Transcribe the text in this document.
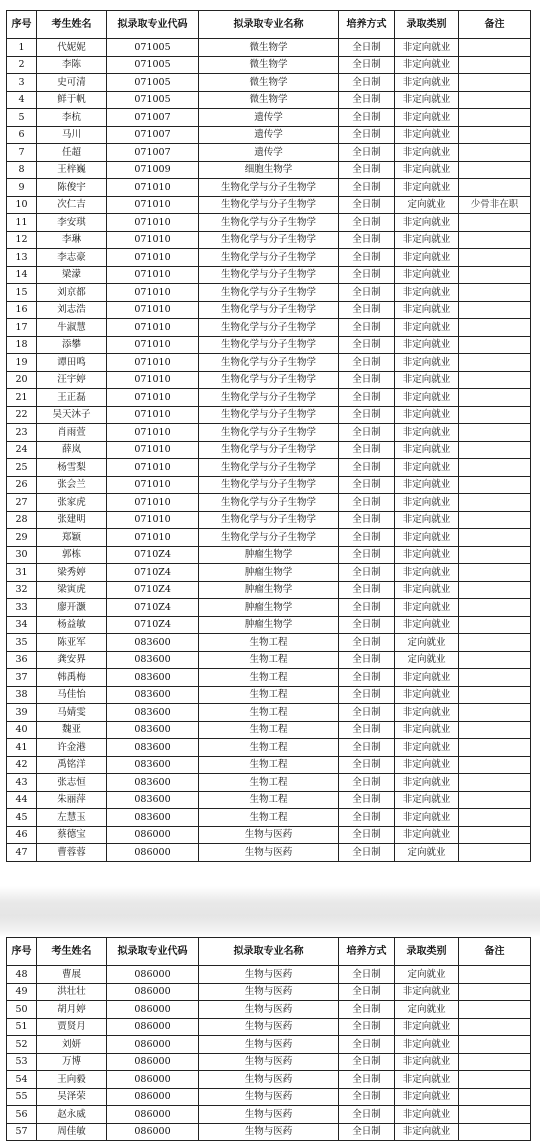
序号	考生姓名	拟录取专业代码	拟录取专业名称	培养方式	录取类别	备注
1	代妮妮	071005	微生物学	全日制	非定向就业	
2	李陈	071005	微生物学	全日制	非定向就业	
3	史可清	071005	微生物学	全日制	非定向就业	
4	鲜于帆	071005	微生物学	全日制	非定向就业	
5	李杭	071007	遗传学	全日制	非定向就业	
6	马川	071007	遗传学	全日制	非定向就业	
7	任超	071007	遗传学	全日制	非定向就业	
8	王梓巍	071009	细胞生物学	全日制	非定向就业	
9	陈俊宇	071010	生物化学与分子生物学	全日制	非定向就业	
10	次仁吉	071010	生物化学与分子生物学	全日制	定向就业	少骨非在职
11	李安琪	071010	生物化学与分子生物学	全日制	非定向就业	
12	李琳	071010	生物化学与分子生物学	全日制	非定向就业	
13	李志豪	071010	生物化学与分子生物学	全日制	非定向就业	
14	梁濛	071010	生物化学与分子生物学	全日制	非定向就业	
15	刘京都	071010	生物化学与分子生物学	全日制	非定向就业	
16	刘志浩	071010	生物化学与分子生物学	全日制	非定向就业	
17	牛淑慧	071010	生物化学与分子生物学	全日制	非定向就业	
18	添攀	071010	生物化学与分子生物学	全日制	非定向就业	
19	谭田鸣	071010	生物化学与分子生物学	全日制	非定向就业	
20	汪宇婷	071010	生物化学与分子生物学	全日制	非定向就业	
21	王正磊	071010	生物化学与分子生物学	全日制	非定向就业	
22	吴天沐子	071010	生物化学与分子生物学	全日制	非定向就业	
23	肖雨萱	071010	生物化学与分子生物学	全日制	非定向就业	
24	薛岚	071010	生物化学与分子生物学	全日制	非定向就业	
25	杨雪梨	071010	生物化学与分子生物学	全日制	非定向就业	
26	张会兰	071010	生物化学与分子生物学	全日制	非定向就业	
27	张家虎	071010	生物化学与分子生物学	全日制	非定向就业	
28	张建明	071010	生物化学与分子生物学	全日制	非定向就业	
29	郑颖	071010	生物化学与分子生物学	全日制	非定向就业	
30	郭栋	0710Z4	肿瘤生物学	全日制	非定向就业	
31	梁秀婷	0710Z4	肿瘤生物学	全日制	非定向就业	
32	梁寅虎	0710Z4	肿瘤生物学	全日制	非定向就业	
33	廖开灏	0710Z4	肿瘤生物学	全日制	非定向就业	
34	杨益敏	0710Z4	肿瘤生物学	全日制	非定向就业	
35	陈亚军	083600	生物工程	全日制	定向就业	
36	龚安界	083600	生物工程	全日制	定向就业	
37	韩禹梅	083600	生物工程	全日制	非定向就业	
38	马佳怡	083600	生物工程	全日制	非定向就业	
39	马婧雯	083600	生物工程	全日制	非定向就业	
40	魏亚	083600	生物工程	全日制	非定向就业	
41	许金港	083600	生物工程	全日制	非定向就业	
42	禹铭洋	083600	生物工程	全日制	非定向就业	
43	张志恒	083600	生物工程	全日制	非定向就业	
44	朱丽萍	083600	生物工程	全日制	非定向就业	
45	左慧玉	083600	生物工程	全日制	非定向就业	
46	蔡德宝	086000	生物与医药	全日制	非定向就业	
47	曹蓉蓉	086000	生物与医药	全日制	定向就业	
序号	考生姓名	拟录取专业代码	拟录取专业名称	培养方式	录取类别	备注
48	曹展	086000	生物与医药	全日制	定向就业	
49	洪壮壮	086000	生物与医药	全日制	非定向就业	
50	胡月婷	086000	生物与医药	全日制	定向就业	
51	贾贤月	086000	生物与医药	全日制	非定向就业	
52	刘妍	086000	生物与医药	全日制	非定向就业	
53	万博	086000	生物与医药	全日制	非定向就业	
54	王向毅	086000	生物与医药	全日制	非定向就业	
55	吴泽荣	086000	生物与医药	全日制	非定向就业	
56	赵永威	086000	生物与医药	全日制	非定向就业	
57	周佳敏	086000	生物与医药	全日制	非定向就业	
